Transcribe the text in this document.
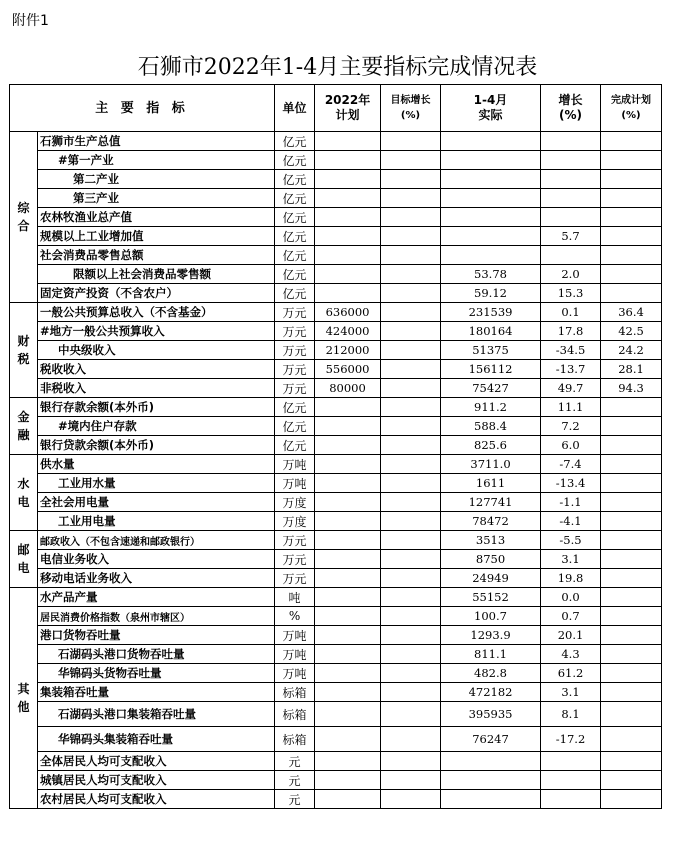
附件1
石狮市2022年1-4月主要指标完成情况表
主 要 指 标		单位	2022年
计划	目标增长
(%)	1-4月
实际	增长
(%)	完成计划
(%)

综
合	石狮市生产总值	亿元					
	#第一产业	亿元					
	第二产业	亿元					
	第三产业	亿元					
	农林牧渔业总产值	亿元					
	规模以上工业增加值	亿元				5.7	
	社会消费品零售总额	亿元					
	限额以上社会消费品零售额	亿元			53.78	2.0	
	固定资产投资（不含农户）	亿元			59.12	15.3	

财
税	一般公共预算总收入（不含基金）	万元	636000		231539	0.1	36.4
	#地方一般公共预算收入	万元	424000		180164	17.8	42.5
	中央级收入	万元	212000		51375	-34.5	24.2
	税收收入	万元	556000		156112	-13.7	28.1
	非税收入	万元	80000		75427	49.7	94.3

金
融	银行存款余额(本外币)	亿元			911.2	11.1	
	#境内住户存款	亿元			588.4	7.2	
	银行贷款余额(本外币)	亿元			825.6	6.0	

水
电	供水量	万吨			3711.0	-7.4	
	工业用水量	万吨			1611	-13.4	
	全社会用电量	万度			127741	-1.1	
	工业用电量	万度			78472	-4.1	

邮
电	邮政收入（不包含速递和邮政银行）	万元			3513	-5.5	
	电信业务收入	万元			8750	3.1	
	移动电话业务收入	万元			24949	19.8	

其
他	水产品产量	吨			55152	0.0	
	居民消费价格指数（泉州市辖区）	%			100.7	0.7	
	港口货物吞吐量	万吨			1293.9	20.1	
	石湖码头港口货物吞吐量	万吨			811.1	4.3	
	华锦码头货物吞吐量	万吨			482.8	61.2	
	集装箱吞吐量	标箱			472182	3.1	
	石湖码头港口集装箱吞吐量	标箱			395935	8.1	
	华锦码头集装箱吞吐量	标箱			76247	-17.2	
	全体居民人均可支配收入	元					
	城镇居民人均可支配收入	元					
	农村居民人均可支配收入	元					
